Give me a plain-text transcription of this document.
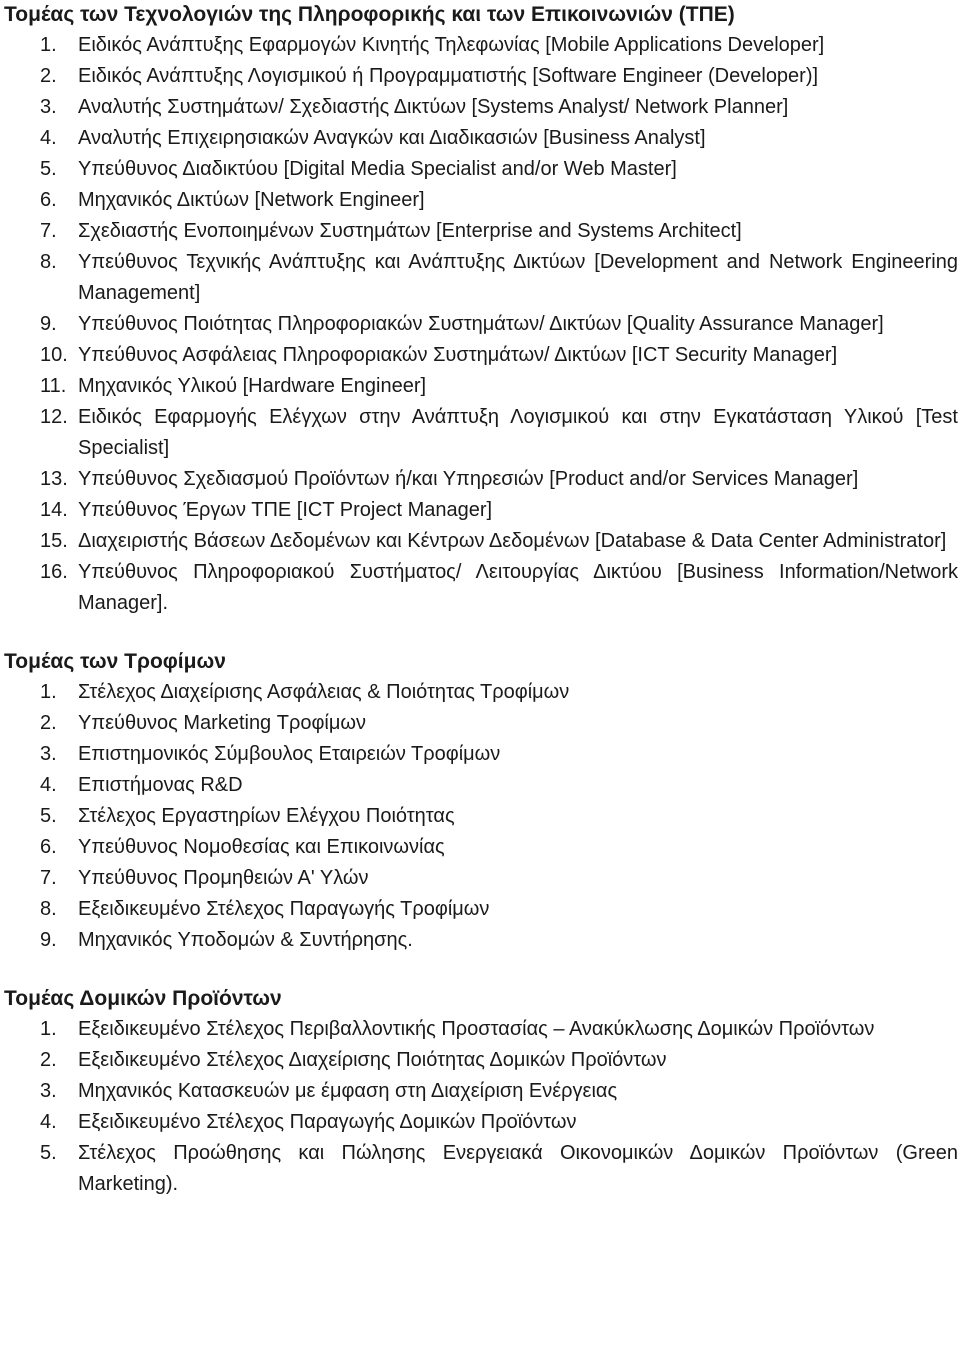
Τομέας των Τεχνολογιών της Πληροφορικής και των Επικοινωνιών (ΤΠΕ)
1.	Ειδικός Ανάπτυξης Εφαρμογών Κινητής Τηλεφωνίας [Mobile Applications Developer]
2.	Ειδικός Ανάπτυξης Λογισμικού ή Προγραμματιστής [Software Engineer (Developer)]
3.	Αναλυτής Συστημάτων/ Σχεδιαστής Δικτύων [Systems Analyst/ Network Planner]
4.	Αναλυτής Επιχειρησιακών Αναγκών και Διαδικασιών [Business Analyst]
5.	Υπεύθυνος Διαδικτύου [Digital Media Specialist and/or Web Master]
6.	Μηχανικός Δικτύων [Network Engineer]
7.	Σχεδιαστής Ενοποιημένων Συστημάτων [Enterprise and Systems Architect]
8.	Υπεύθυνος Τεχνικής Ανάπτυξης και Ανάπτυξης Δικτύων [Development and Network Engineering Management]
9.	Υπεύθυνος Ποιότητας Πληροφοριακών Συστημάτων/ Δικτύων [Quality Assurance Manager]
10. Υπεύθυνος Ασφάλειας Πληροφοριακών Συστημάτων/ Δικτύων [ICT Security Manager]
11. Μηχανικός Υλικού [Hardware Engineer]
12. Ειδικός Εφαρμογής Ελέγχων στην Ανάπτυξη Λογισμικού και στην Εγκατάσταση Υλικού [Test Specialist]
13. Υπεύθυνος Σχεδιασμού Προϊόντων ή/και Υπηρεσιών [Product and/or Services Manager]
14. Υπεύθυνος Έργων ΤΠΕ [ICT Project Manager]
15. Διαχειριστής Βάσεων Δεδομένων και Κέντρων Δεδομένων [Database & Data Center Administrator]
16. Υπεύθυνος Πληροφοριακού Συστήματος/ Λειτουργίας Δικτύου [Business Information/Network Manager].
Τομέας των Τροφίμων
1.	Στέλεχος Διαχείρισης Ασφάλειας & Ποιότητας Τροφίμων
2.	Υπεύθυνος Marketing Τροφίμων
3.	Επιστημονικός Σύμβουλος Εταιρειών Τροφίμων
4.	Επιστήμονας R&D
5.	Στέλεχος Εργαστηρίων Ελέγχου Ποιότητας
6.	Υπεύθυνος Νομοθεσίας και Επικοινωνίας
7.	Υπεύθυνος Προμηθειών Α' Υλών
8.	Εξειδικευμένο Στέλεχος Παραγωγής Τροφίμων
9.	Μηχανικός Υποδομών & Συντήρησης.
Τομέας Δομικών Προϊόντων
1.	Εξειδικευμένο Στέλεχος Περιβαλλοντικής Προστασίας – Ανακύκλωσης Δομικών Προϊόντων
2.	Εξειδικευμένο Στέλεχος Διαχείρισης Ποιότητας Δομικών Προϊόντων
3.	Μηχανικός Κατασκευών με έμφαση στη Διαχείριση Ενέργειας
4.	Εξειδικευμένο Στέλεχος Παραγωγής Δομικών Προϊόντων
5.	Στέλεχος Προώθησης και Πώλησης Ενεργειακά Οικονομικών Δομικών Προϊόντων (Green Marketing).
